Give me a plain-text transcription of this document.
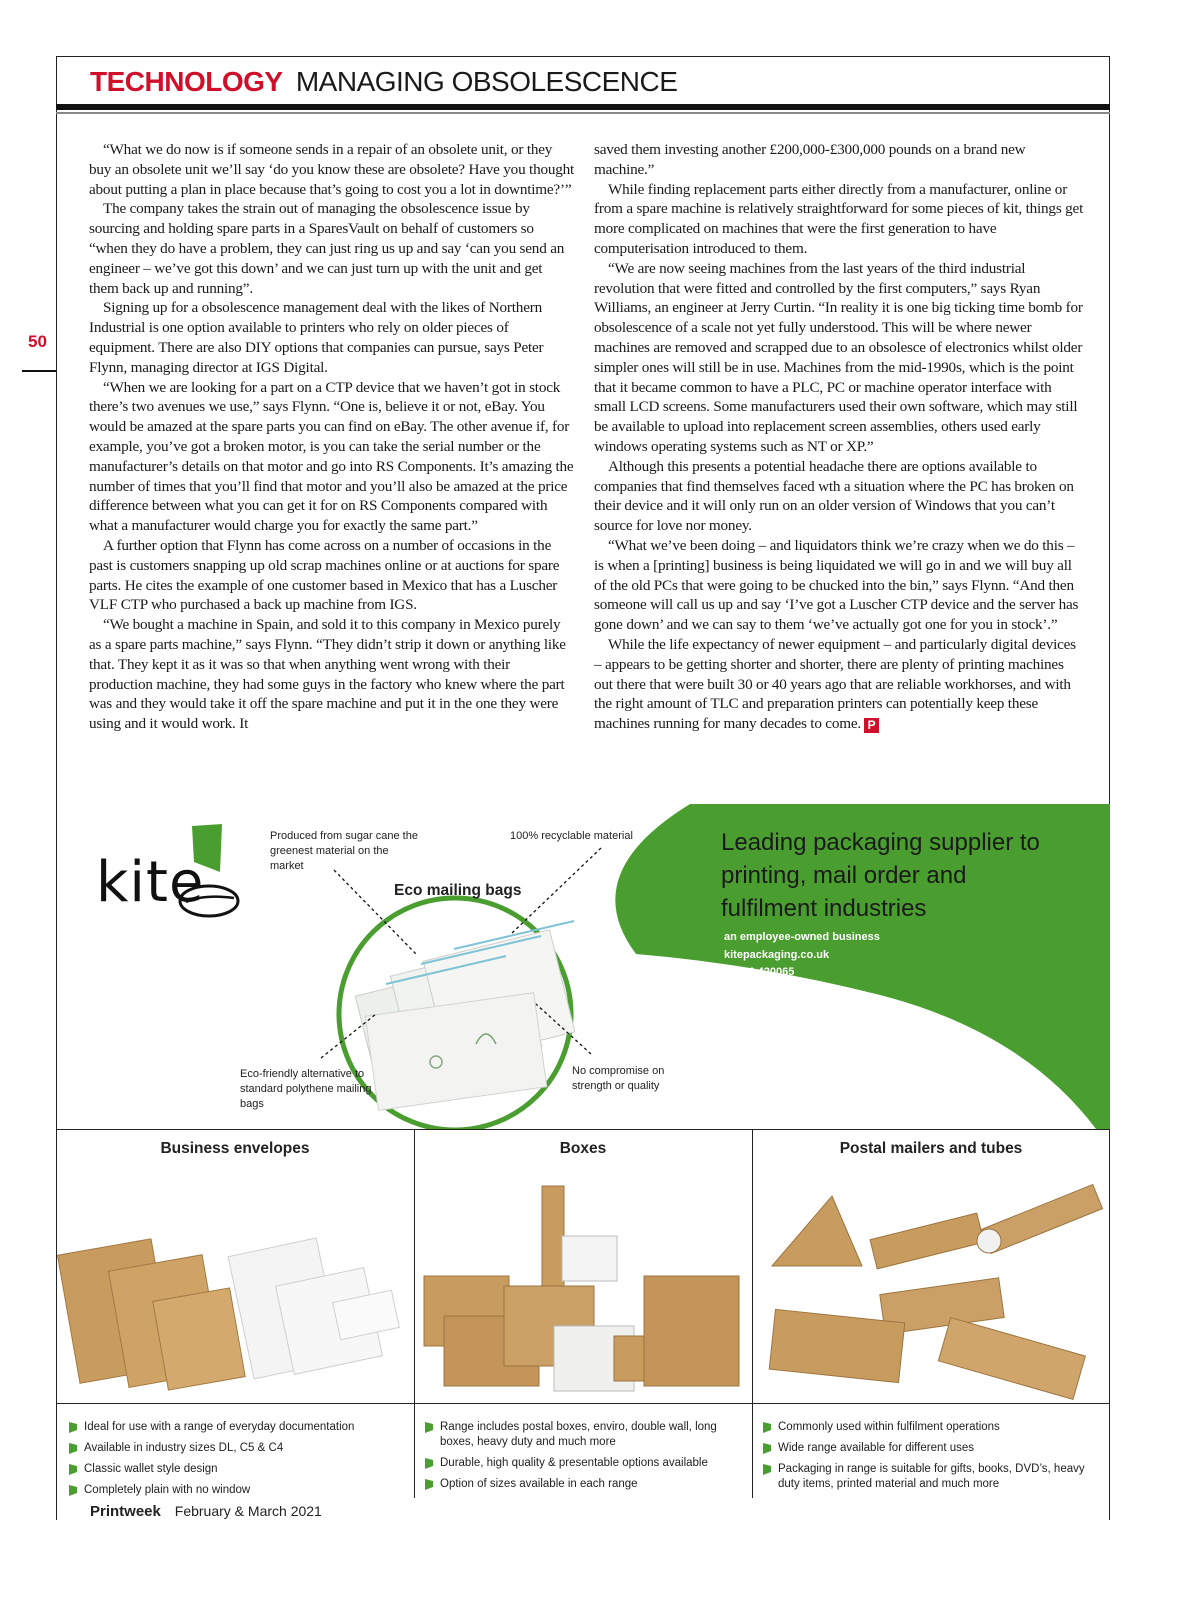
TECHNOLOGY MANAGING OBSOLESCENCE
50

“What we do now is if someone sends in a repair of an obsolete unit, or they buy an obsolete unit we’ll say ‘do you know these are obsolete? Have you thought about putting a plan in place because that’s going to cost you a lot in downtime?’”

The company takes the strain out of managing the obsolescence issue by sourcing and holding spare parts in a SparesVault on behalf of customers so “when they do have a problem, they can just ring us up and say ‘can you send an engineer – we’ve got this down’ and we can just turn up with the unit and get them back up and running”.

Signing up for a obsolescence management deal with the likes of Northern Industrial is one option available to printers who rely on older pieces of equipment. There are also DIY options that companies can pursue, says Peter Flynn, managing director at IGS Digital.

“When we are looking for a part on a CTP device that we haven’t got in stock there’s two avenues we use,” says Flynn. “One is, believe it or not, eBay. You would be amazed at the spare parts you can find on eBay. The other avenue if, for example, you’ve got a broken motor, is you can take the serial number or the manufacturer’s details on that motor and go into RS Components. It’s amazing the number of times that you’ll find that motor and you’ll also be amazed at the price difference between what you can get it for on RS Components compared with what a manufacturer would charge you for exactly the same part.”

A further option that Flynn has come across on a number of occasions in the past is customers snapping up old scrap machines online or at auctions for spare parts. He cites the example of one customer based in Mexico that has a Luscher VLF CTP who purchased a back up machine from IGS.

“We bought a machine in Spain, and sold it to this company in Mexico purely as a spare parts machine,” says Flynn. “They didn’t strip it down or anything like that. They kept it as it was so that when anything went wrong with their production machine, they had some guys in the factory who knew where the part was and they would take it off the spare machine and put it in the one they were using and it would work. It

saved them investing another £200,000-£300,000 pounds on a brand new machine.”

While finding replacement parts either directly from a manufacturer, online or from a spare machine is relatively straightforward for some pieces of kit, things get more complicated on machines that were the first generation to have computerisation introduced to them.

“We are now seeing machines from the last years of the third industrial revolution that were fitted and controlled by the first computers,” says Ryan Williams, an engineer at Jerry Curtin. “In reality it is one big ticking time bomb for obsolescence of a scale not yet fully understood. This will be where newer machines are removed and scrapped due to an obsolesce of electronics whilst older simpler ones will still be in use. Machines from the mid-1990s, which is the point that it became common to have a PLC, PC or machine operator interface with small LCD screens. Some manufacturers used their own software, which may still be available to upload into replacement screen assemblies, others used early windows operating systems such as NT or XP.”

Although this presents a potential headache there are options available to companies that find themselves faced wth a situation where the PC has broken on their device and it will only run on an older version of Windows that you can’t source for love nor money.

“What we’ve been doing – and liquidators think we’re crazy when we do this – is when a [printing] business is being liquidated we will go in and we will buy all of the old PCs that were going to be chucked into the bin,” says Flynn. “And then someone will call us up and say ‘I’ve got a Luscher CTP device and the server has gone down’ and we can say to them ‘we’ve actually got one for you in stock’.”

While the life expectancy of newer equipment – and particularly digital devices – appears to be getting shorter and shorter, there are plenty of printing machines out there that were built 30 or 40 years ago that are reliable workhorses, and with the right amount of TLC and preparation printers can potentially keep these machines running for many decades to come. P

kite
Produced from sugar cane the greenest material on the market
100% recyclable material
Eco-friendly alternative to standard polythene mailing bags
No compromise on strength or quality
Eco mailing bags
Leading packaging supplier to printing, mail order and fulfilment industries
an employee-owned business
kitepackaging.co.uk
02476 420065
Business envelopes	Boxes	Postal mailers and tubes
Ideal for use with a range of everyday documentation
Available in industry sizes DL, C5 & C4
Classic wallet style design
Completely plain with no window
Range includes postal boxes, enviro, double wall, long boxes, heavy duty and much more
Durable, high quality & presentable options available
Option of sizes available in each range
Commonly used within fulfilment operations
Wide range available for different uses
Packaging in range is suitable for gifts, books, DVD’s, heavy duty items, printed material and much more
Printweek February & March 2021
